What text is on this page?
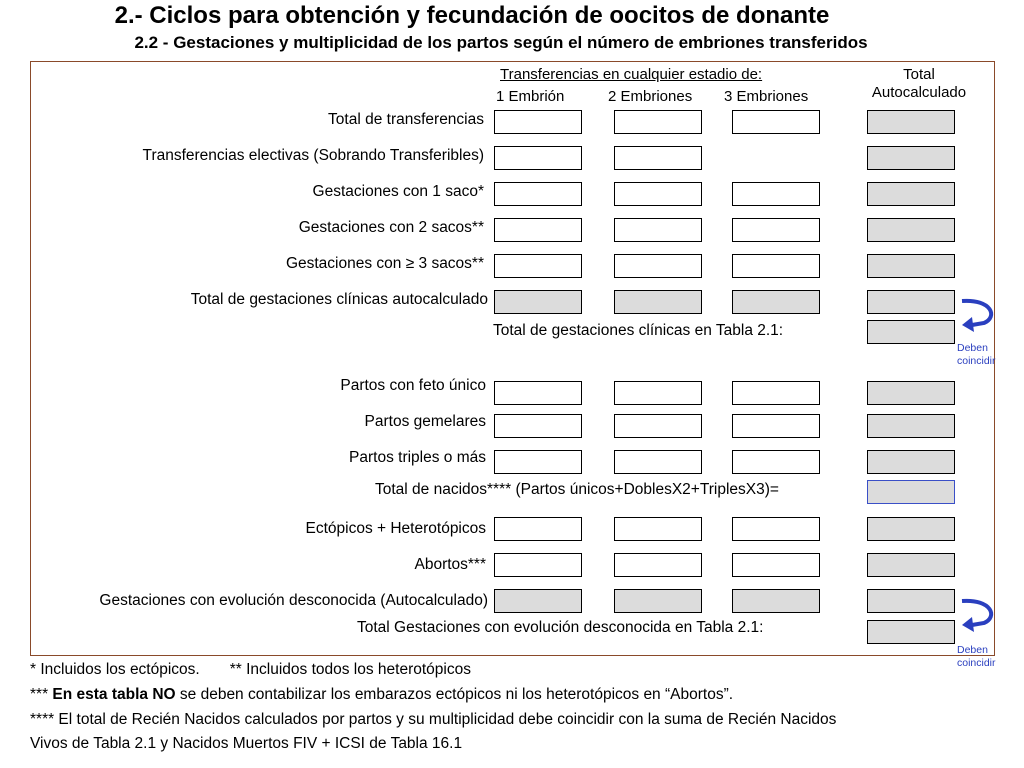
2.- Ciclos para obtención y fecundación de oocitos de donante
2.2 - Gestaciones y multiplicidad de los partos según el número de embriones transferidos
Transferencias en cualquier estadio de:
1 Embrión	2 Embriones 3 Embriones
Total
Autocalculado
Total de transferencias
Transferencias electivas (Sobrando Transferibles)
Gestaciones con 1 saco*
Gestaciones con 2 sacos**
Gestaciones con ≥ 3 sacos**
Total de gestaciones clínicas autocalculado
Total de gestaciones clínicas en Tabla 2.1:
Partos con feto único
Partos gemelares
Partos triples o más
Total de nacidos**** (Partos únicos+DoblesX2+TriplesX3)=
Ectópicos + Heterotópicos
Abortos***
Gestaciones con evolución desconocida (Autocalculado)
Total Gestaciones con evolución desconocida en Tabla 2.1:
Deben
coincidir
Deben
coincidir
* Incluidos los ectópicos. ** Incluidos todos los heterotópicos
*** En esta tabla NO se deben contabilizar los embarazos ectópicos ni los heterotópicos en “Abortos”.
**** El total de Recién Nacidos calculados por partos y su multiplicidad debe coincidir con la suma de Recién Nacidos
Vivos de Tabla 2.1 y Nacidos Muertos FIV + ICSI de Tabla 16.1
